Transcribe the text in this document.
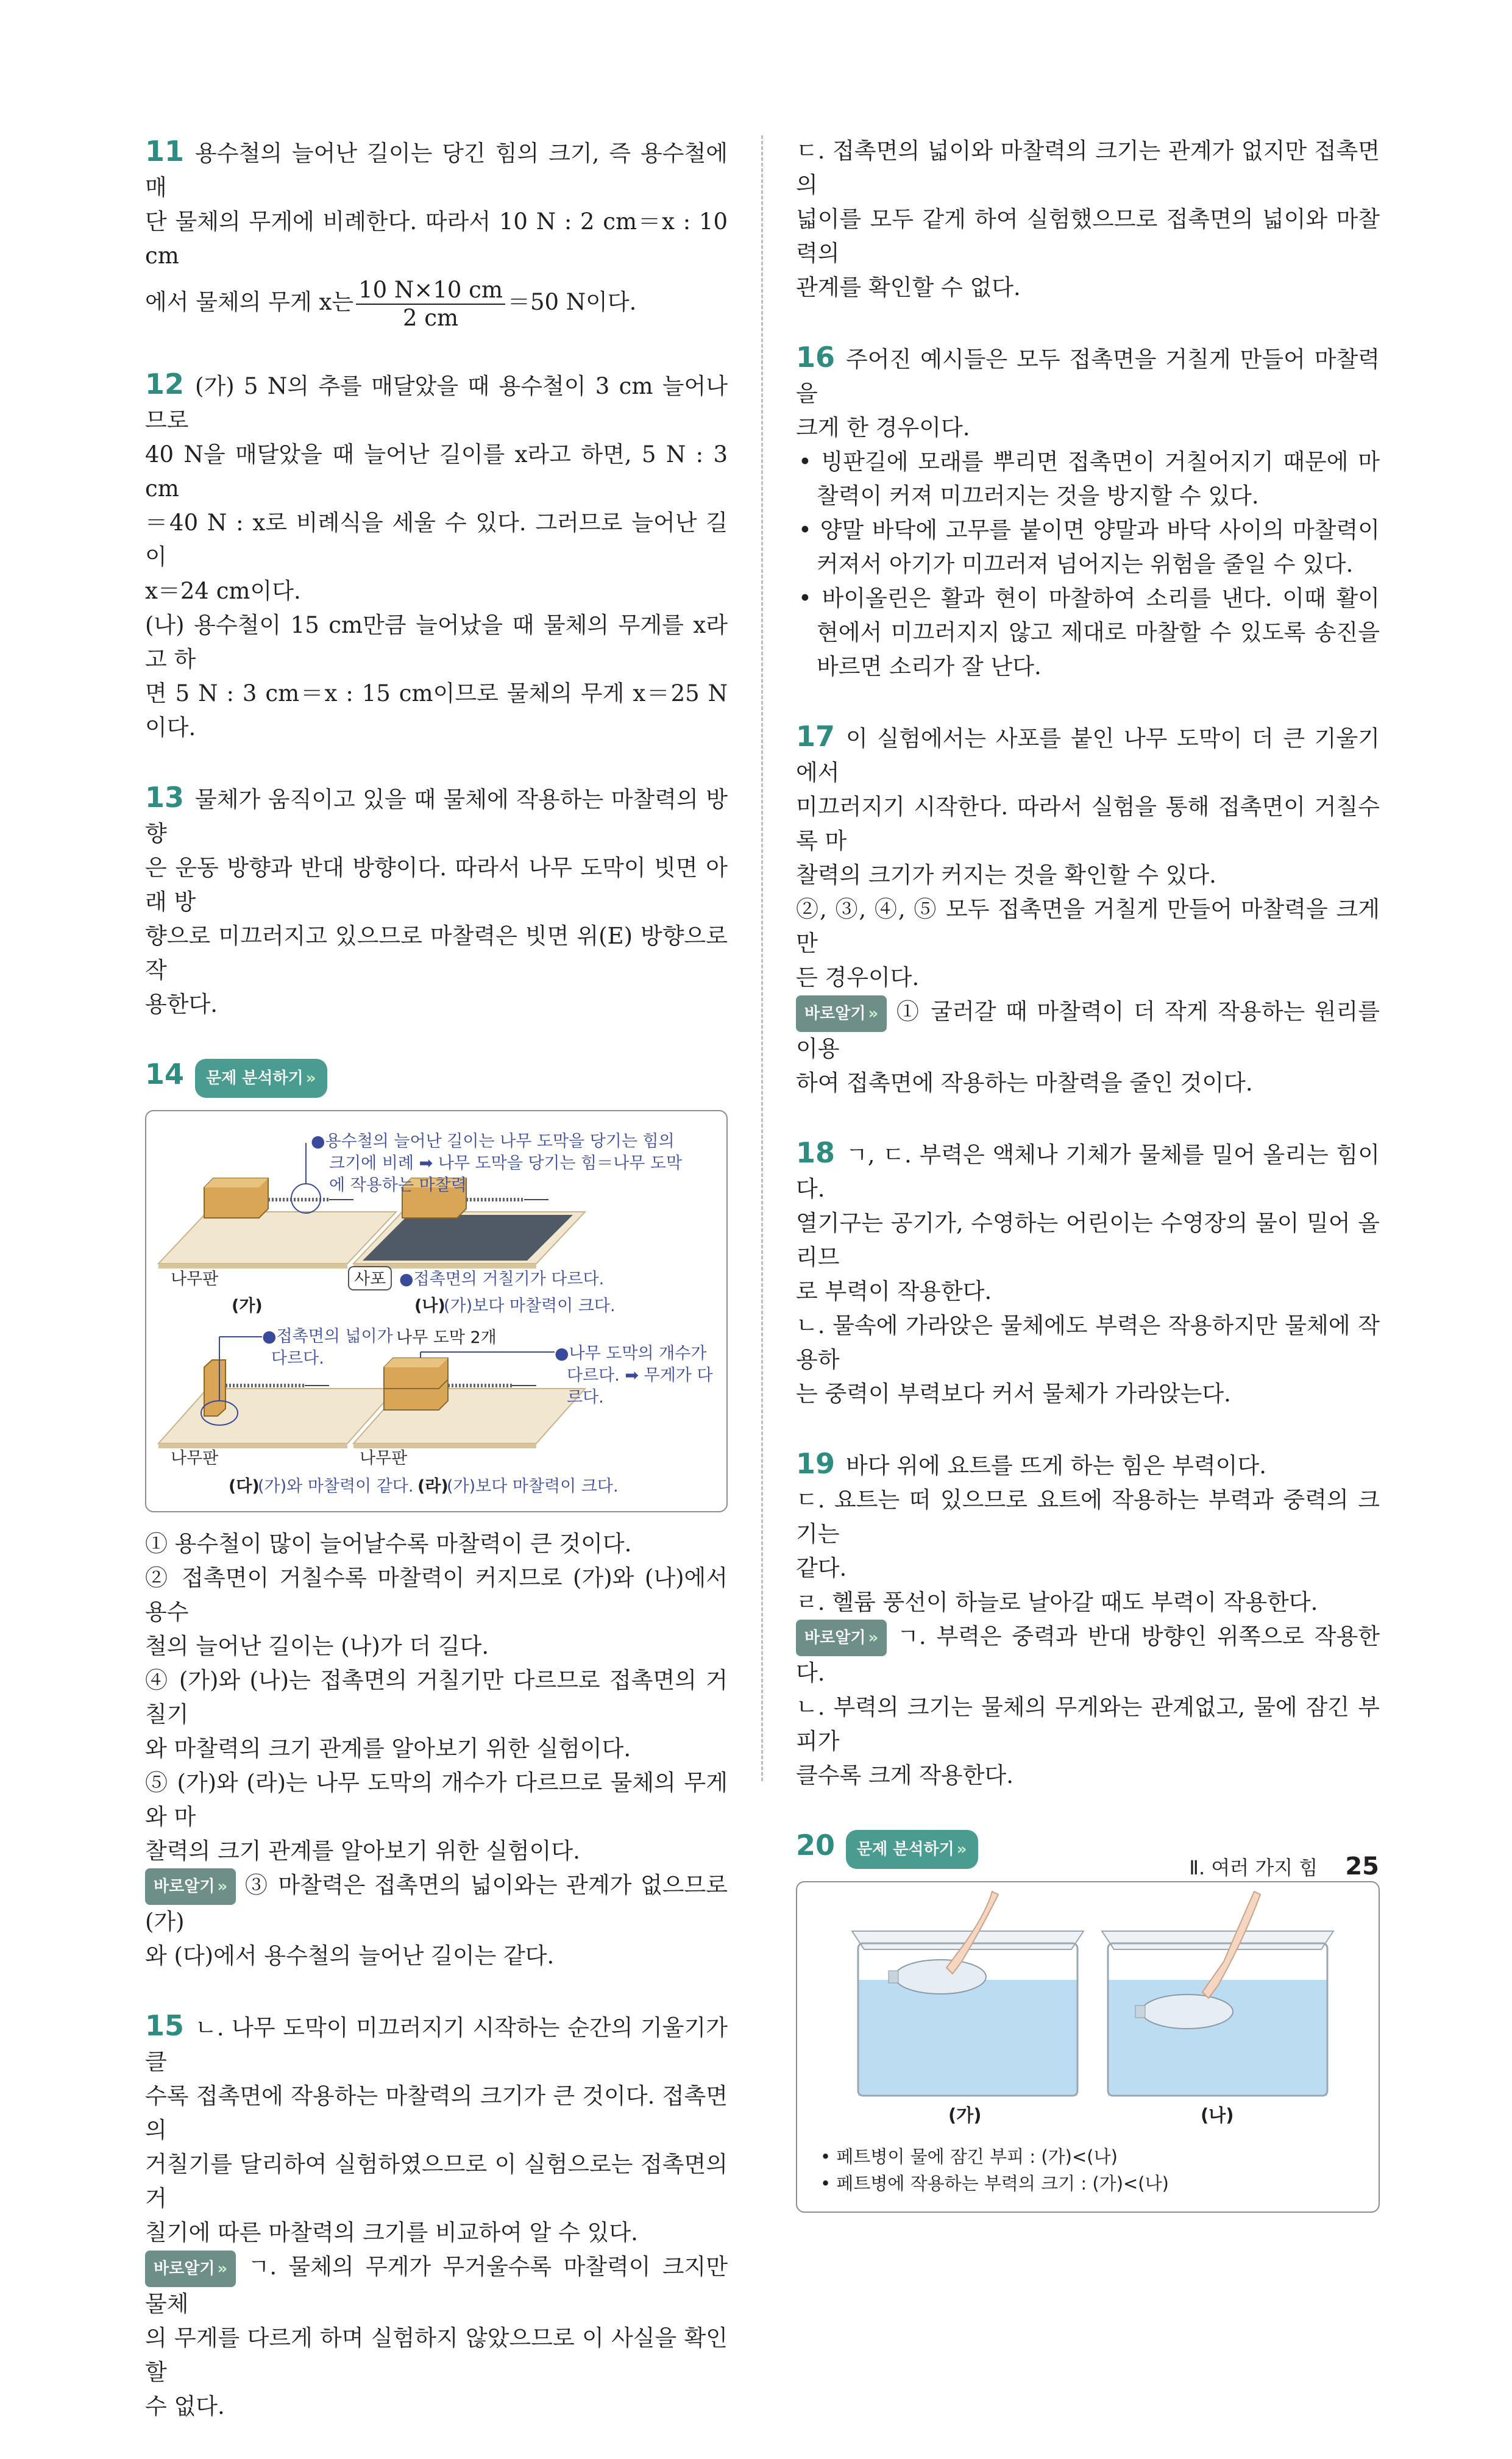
11 용수철의 늘어난 길이는 당긴 힘의 크기, 즉 용수철에 매

단 물체의 무게에 비례한다. 따라서 10 N : 2 cm＝x : 10 cm

에서 물체의 무게 x는 $\frac{10 N\times 10 cm}{2 cm} =50$ N이다.

12 (가) 5 N의 추를 매달았을 때 용수철이 3 cm 늘어나므로

40 N을 매달았을 때 늘어난 길이를 x라고 하면, 5 N : 3 cm

＝40 N : x로 비례식을 세울 수 있다. 그러므로 늘어난 길이

x＝24 cm이다.

(나) 용수철이 15 cm만큼 늘어났을 때 물체의 무게를 x라고 하

면 5 N : 3 cm＝x : 15 cm이므로 물체의 무게 x＝25 N이다.

13 물체가 움직이고 있을 때 물체에 작용하는 마찰력의 방향

은 운동 방향과 반대 방향이다. 따라서 나무 도막이 빗면 아래 방

향으로 미끄러지고 있으므로 마찰력은 빗면 위(E) 방향으로 작

용한다.

14 문제 분석하기 »

●용수철의 늘어난 길이는 나무 도막을 당기는 힘의
크기에 비례 ➡ 나무 도막을 당기는 힘＝나무 도막
에 작용하는 마찰력
나무판	사포 ●접촉면의 거칠기가 다르다.
(가)	(나)
(가)보다 마찰력이 크다.
●접촉면의 넓이가
다르다.
나무 도막 2개
●나무 도막의 개수가
다르다. ➡ 무게가 다
르다.
나무판	나무판
(다)
(가)와 마찰력이 같다. (라)
(가)보다 마찰력이 크다.

① 용수철이 많이 늘어날수록 마찰력이 큰 것이다.

② 접촉면이 거칠수록 마찰력이 커지므로 (가)와 (나)에서 용수

철의 늘어난 길이는 (나)가 더 길다.

④ (가)와 (나)는 접촉면의 거칠기만 다르므로 접촉면의 거칠기

와 마찰력의 크기 관계를 알아보기 위한 실험이다.

⑤ (가)와 (라)는 나무 도막의 개수가 다르므로 물체의 무게와 마

찰력의 크기 관계를 알아보기 위한 실험이다.

바로알기 » ③ 마찰력은 접촉면의 넓이와는 관계가 없으므로 (가)

와 (다)에서 용수철의 늘어난 길이는 같다.

15 ㄴ. 나무 도막이 미끄러지기 시작하는 순간의 기울기가 클

수록 접촉면에 작용하는 마찰력의 크기가 큰 것이다. 접촉면의

거칠기를 달리하여 실험하였으므로 이 실험으로는 접촉면의 거

칠기에 따른 마찰력의 크기를 비교하여 알 수 있다.

바로알기 » ㄱ. 물체의 무게가 무거울수록 마찰력이 크지만 물체

의 무게를 다르게 하며 실험하지 않았으므로 이 사실을 확인할

수 없다.

ㄷ. 접촉면의 넓이와 마찰력의 크기는 관계가 없지만 접촉면의

넓이를 모두 같게 하여 실험했으므로 접촉면의 넓이와 마찰력의

관계를 확인할 수 없다.

16 주어진 예시들은 모두 접촉면을 거칠게 만들어 마찰력을

크게 한 경우이다.

• 빙판길에 모래를 뿌리면 접촉면이 거칠어지기 때문에 마찰력이 커져 미끄러지는 것을 방지할 수 있다.

• 양말 바닥에 고무를 붙이면 양말과 바닥 사이의 마찰력이 커져서 아기가 미끄러져 넘어지는 위험을 줄일 수 있다.

• 바이올린은 활과 현이 마찰하여 소리를 낸다. 이때 활이 현에서 미끄러지지 않고 제대로 마찰할 수 있도록 송진을 바르면 소리가 잘 난다.

17 이 실험에서는 사포를 붙인 나무 도막이 더 큰 기울기에서

미끄러지기 시작한다. 따라서 실험을 통해 접촉면이 거칠수록 마

찰력의 크기가 커지는 것을 확인할 수 있다.

②, ③, ④, ⑤ 모두 접촉면을 거칠게 만들어 마찰력을 크게 만

든 경우이다.

바로알기 » ① 굴러갈 때 마찰력이 더 작게 작용하는 원리를 이용

하여 접촉면에 작용하는 마찰력을 줄인 것이다.

18 ㄱ, ㄷ. 부력은 액체나 기체가 물체를 밀어 올리는 힘이다.

열기구는 공기가, 수영하는 어린이는 수영장의 물이 밀어 올리므

로 부력이 작용한다.

ㄴ. 물속에 가라앉은 물체에도 부력은 작용하지만 물체에 작용하

는 중력이 부력보다 커서 물체가 가라앉는다.

19 바다 위에 요트를 뜨게 하는 힘은 부력이다.

ㄷ. 요트는 떠 있으므로 요트에 작용하는 부력과 중력의 크기는

같다.

ㄹ. 헬륨 풍선이 하늘로 날아갈 때도 부력이 작용한다.

바로알기 » ㄱ. 부력은 중력과 반대 방향인 위쪽으로 작용한다.

ㄴ. 부력의 크기는 물체의 무게와는 관계없고, 물에 잠긴 부피가

클수록 크게 작용한다.

20 문제 분석하기 »

(가)	(나)
• 페트병이 물에 잠긴 부피 : (가)<(나)
• 페트병에 작용하는 부력의 크기 : (가)<(나)
Ⅱ. 여러 가지 힘 25
